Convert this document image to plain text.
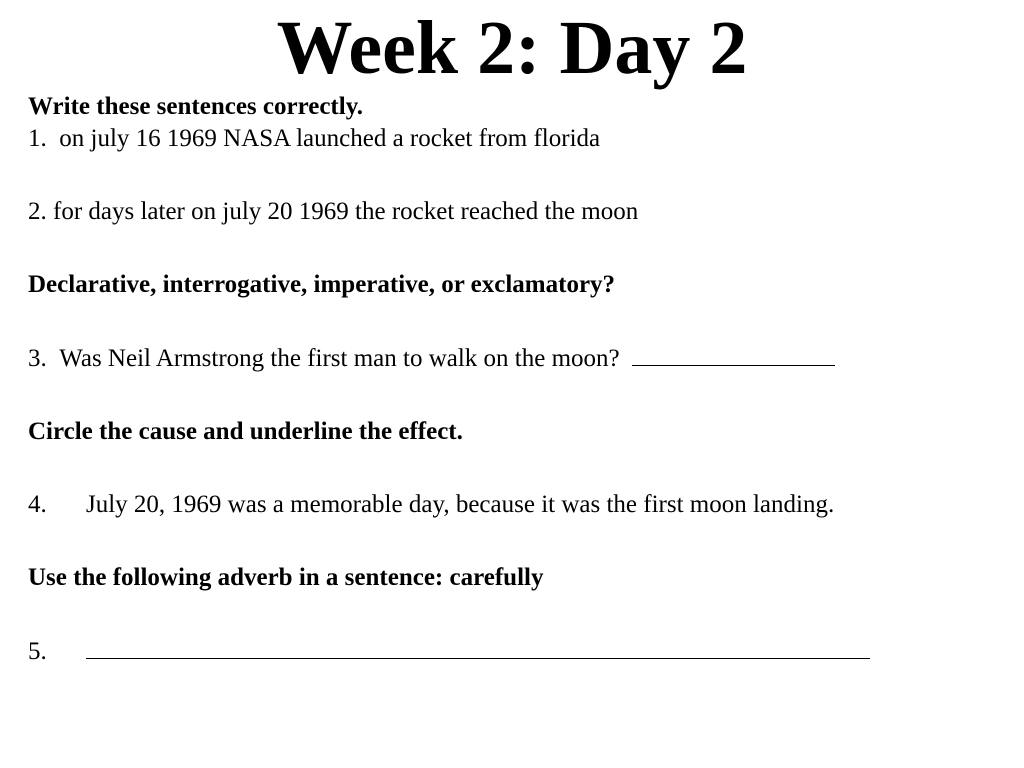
Week 2: Day 2
Write these sentences correctly.
1. on july 16 1969 NASA launched a rocket from florida
2. for days later on july 20 1969 the rocket reached the moon
Declarative, interrogative, imperative, or exclamatory?
3. Was Neil Armstrong the first man to walk on the moon?
Circle the cause and underline the effect.
4. July 20, 1969 was a memorable day, because it was the first moon landing.
Use the following adverb in a sentence: carefully
5.
